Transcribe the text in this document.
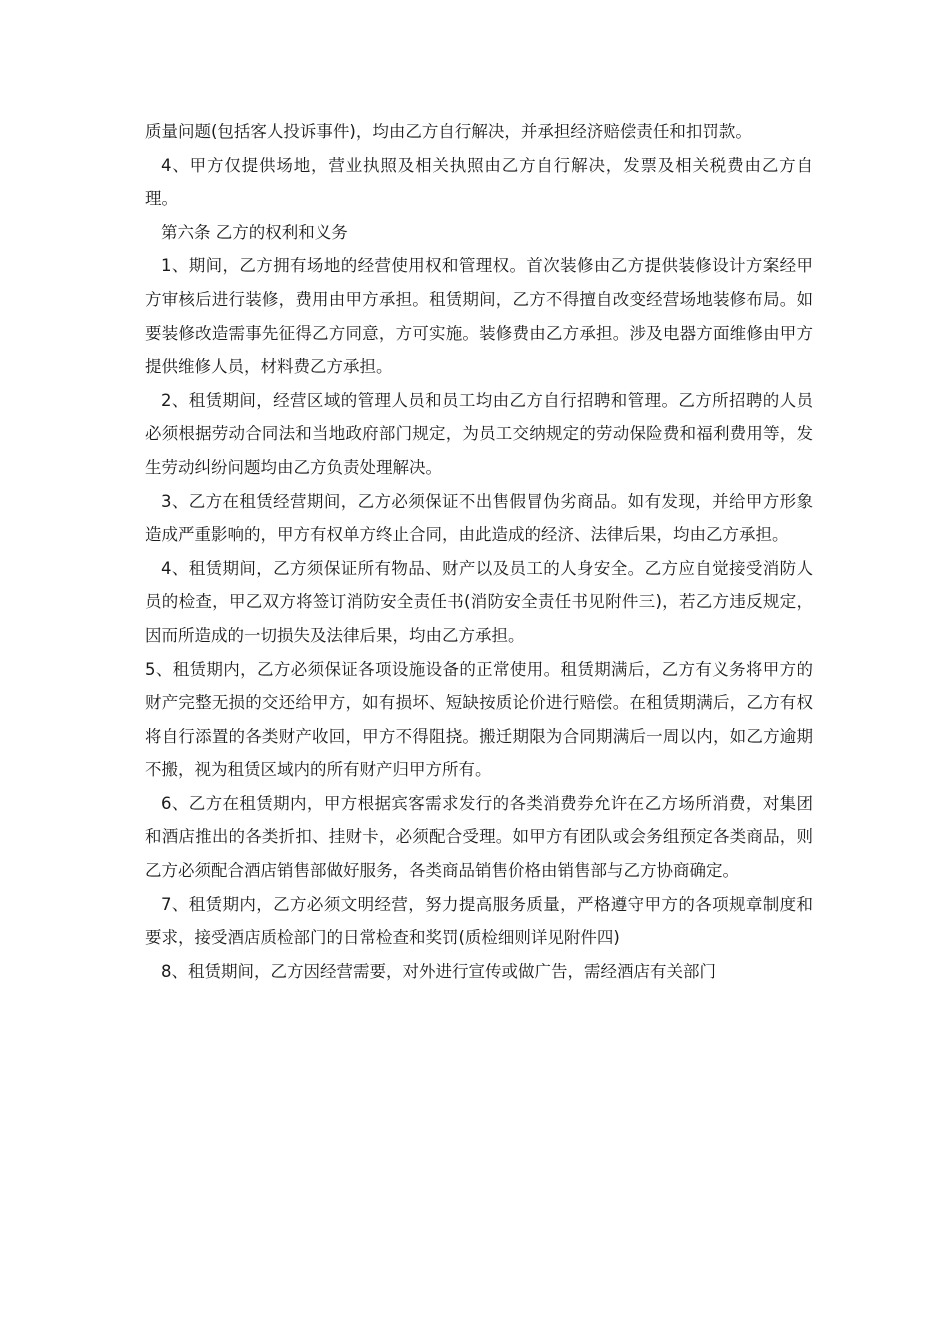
质量问题(包括客人投诉事件)，均由乙方自行解决，并承担经济赔偿责任和扣罚款。

4、甲方仅提供场地，营业执照及相关执照由乙方自行解决，发票及相关税费由乙方自理。

第六条 乙方的权利和义务

1、期间，乙方拥有场地的经营使用权和管理权。首次装修由乙方提供装修设计方案经甲方审核后进行装修，费用由甲方承担。租赁期间，乙方不得擅自改变经营场地装修布局。如要装修改造需事先征得乙方同意，方可实施。装修费由乙方承担。涉及电器方面维修由甲方提供维修人员，材料费乙方承担。

2、租赁期间，经营区域的管理人员和员工均由乙方自行招聘和管理。乙方所招聘的人员必须根据劳动合同法和当地政府部门规定，为员工交纳规定的劳动保险费和福利费用等，发生劳动纠纷问题均由乙方负责处理解决。

3、乙方在租赁经营期间，乙方必须保证不出售假冒伪劣商品。如有发现，并给甲方形象造成严重影响的，甲方有权单方终止合同，由此造成的经济、法律后果，均由乙方承担。

4、租赁期间，乙方须保证所有物品、财产以及员工的人身安全。乙方应自觉接受消防人员的检查，甲乙双方将签订消防安全责任书(消防安全责任书见附件三)，若乙方违反规定，因而所造成的一切损失及法律后果，均由乙方承担。

5、租赁期内，乙方必须保证各项设施设备的正常使用。租赁期满后，乙方有义务将甲方的财产完整无损的交还给甲方，如有损坏、短缺按质论价进行赔偿。在租赁期满后，乙方有权将自行添置的各类财产收回，甲方不得阻挠。搬迁期限为合同期满后一周以内，如乙方逾期不搬，视为租赁区域内的所有财产归甲方所有。

6、乙方在租赁期内，甲方根据宾客需求发行的各类消费券允许在乙方场所消费，对集团和酒店推出的各类折扣、挂财卡，必须配合受理。如甲方有团队或会务组预定各类商品，则乙方必须配合酒店销售部做好服务，各类商品销售价格由销售部与乙方协商确定。

7、租赁期内，乙方必须文明经营，努力提高服务质量，严格遵守甲方的各项规章制度和要求，接受酒店质检部门的日常检查和奖罚(质检细则详见附件四)

8、租赁期间，乙方因经营需要，对外进行宣传或做广告，需经酒店有关部门
